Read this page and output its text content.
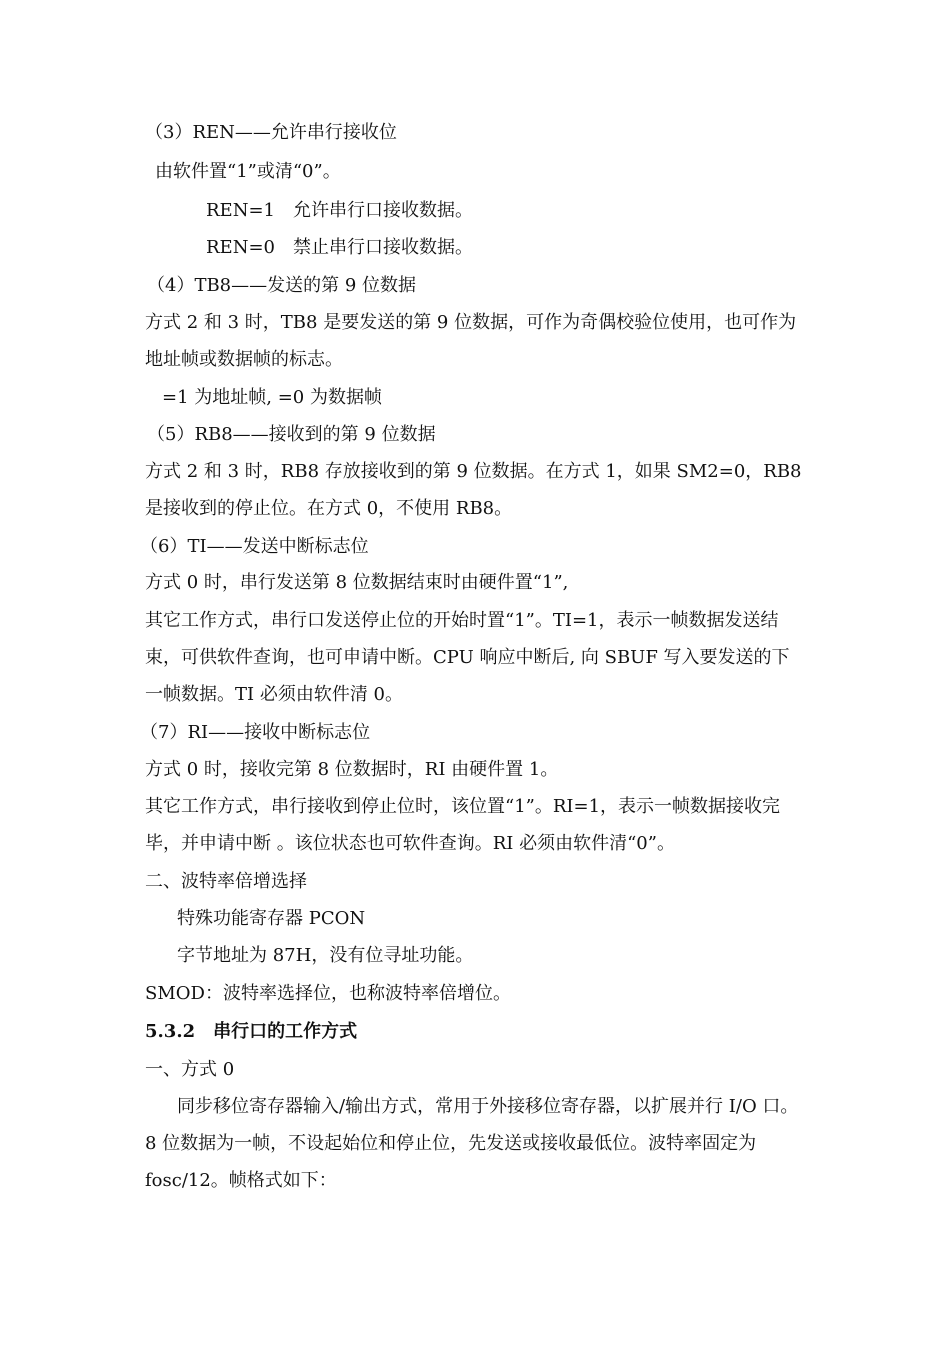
（3）REN——允许串行接收位
由软件置“1”或清“0”。
REN=1　允许串行口接收数据。
REN=0　禁止串行口接收数据。
（4）TB8——发送的第 9 位数据
方式 2 和 3 时，TB8 是要发送的第 9 位数据，可作为奇偶校验位使用，也可作为
地址帧或数据帧的标志。
=1 为地址帧, =0 为数据帧
（5）RB8——接收到的第 9 位数据
方式 2 和 3 时，RB8 存放接收到的第 9 位数据。在方式 1，如果 SM2=0，RB8
是接收到的停止位。在方式 0，不使用 RB8。
（6）TI——发送中断标志位
方式 0 时，串行发送第 8 位数据结束时由硬件置“1”,
其它工作方式，串行口发送停止位的开始时置“1”。TI=1，表示一帧数据发送结
束，可供软件查询，也可申请中断。CPU 响应中断后, 向 SBUF 写入要发送的下
一帧数据。TI 必须由软件清 0。
（7）RI——接收中断标志位
方式 0 时，接收完第 8 位数据时，RI 由硬件置 1。
其它工作方式，串行接收到停止位时，该位置“1”。RI=1，表示一帧数据接收完
毕，并申请中断 。该位状态也可软件查询。RI 必须由软件清“0”。
二、波特率倍增选择
特殊功能寄存器 PCON
字节地址为 87H，没有位寻址功能。
SMOD：波特率选择位，也称波特率倍增位。
5.3.2　串行口的工作方式
一、方式 0
同步移位寄存器输入/输出方式，常用于外接移位寄存器，以扩展并行 I/O 口。
8 位数据为一帧，不设起始位和停止位，先发送或接收最低位。波特率固定为
fosc/12。帧格式如下：
